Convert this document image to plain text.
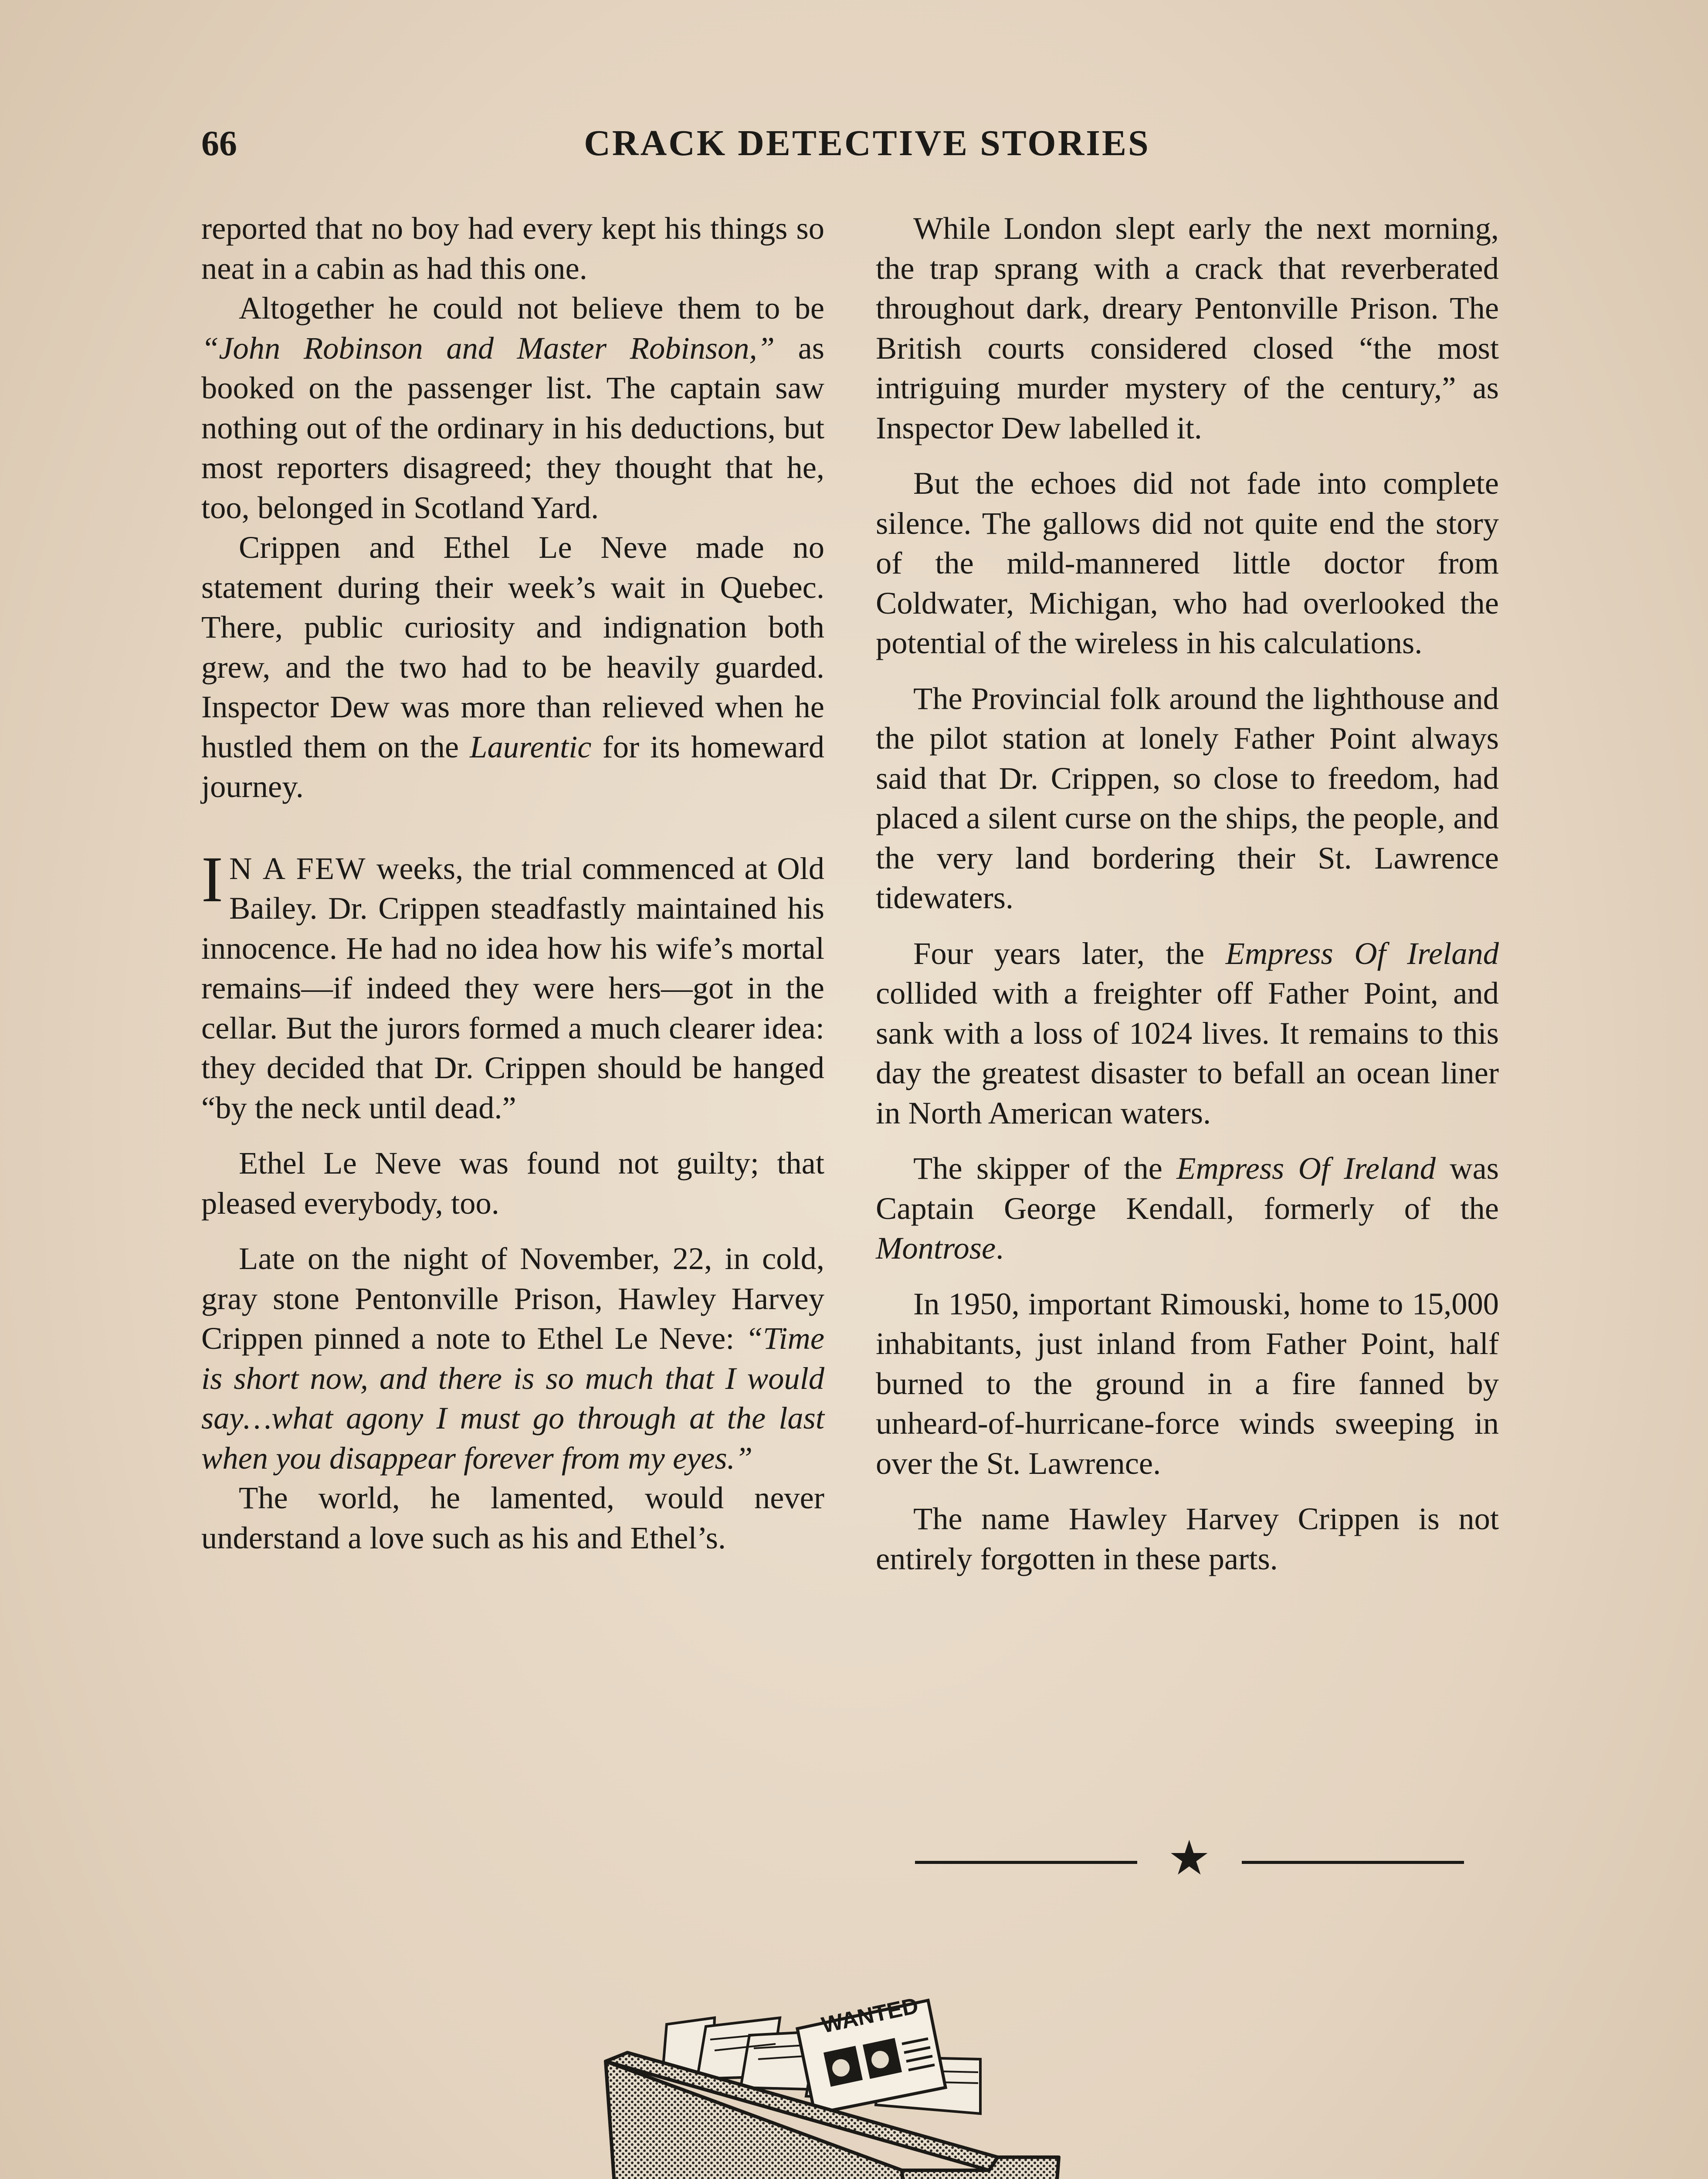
66	CRACK DETECTIVE STORIES

reported that no boy had every kept his things so neat in a cabin as had this one.

Altogether he could not believe them to be “John Robinson and Master Robinson,” as booked on the passenger list. The captain saw nothing out of the ordinary in his deductions, but most reporters disagreed; they thought that he, too, belonged in Scotland Yard.

Crippen and Ethel Le Neve made no statement during their week’s wait in Quebec. There, public curiosity and indignation both grew, and the two had to be heavily guarded. Inspector Dew was more than relieved when he hustled them on the Laurentic for its homeward journey.

I N A FEW weeks, the trial commenced at Old Bailey. Dr. Crippen steadfastly maintained his innocence. He had no idea how his wife’s mortal remains—if indeed they were hers—got in the cellar. But the jurors formed a much clearer idea: they decided that Dr. Crippen should be hanged “by the neck until dead.”

Ethel Le Neve was found not guilty; that pleased everybody, too.

Late on the night of November, 22, in cold, gray stone Pentonville Prison, Hawley Harvey Crippen pinned a note to Ethel Le Neve: “Time is short now, and there is so much that I would say…what agony I must go through at the last when you disappear forever from my eyes.”

The world, he lamented, would never understand a love such as his and Ethel’s.

While London slept early the next morning, the trap sprang with a crack that reverberated throughout dark, dreary Pentonville Prison. The British courts considered closed “the most intriguing murder mystery of the century,” as Inspector Dew labelled it.

But the echoes did not fade into complete silence. The gallows did not quite end the story of the mild-mannered little doctor from Coldwater, Michigan, who had overlooked the potential of the wireless in his calculations.

The Provincial folk around the lighthouse and the pilot station at lonely Father Point always said that Dr. Crippen, so close to freedom, had placed a silent curse on the ships, the people, and the very land bordering their St. Lawrence tidewaters.

Four years later, the Empress Of Ireland collided with a freighter off Father Point, and sank with a loss of 1024 lives. It remains to this day the greatest disaster to befall an ocean liner in North American waters.

The skipper of the Empress Of Ireland was Captain George Kendall, formerly of the Montrose.

In 1950, important Rimouski, home to 15,000 inhabitants, just inland from Father Point, half burned to the ground in a fire fanned by unheard-of-hurricane-force winds sweeping in over the St. Lawrence.

The name Hawley Harvey Crippen is not entirely forgotten in these parts.

★
WANTED
